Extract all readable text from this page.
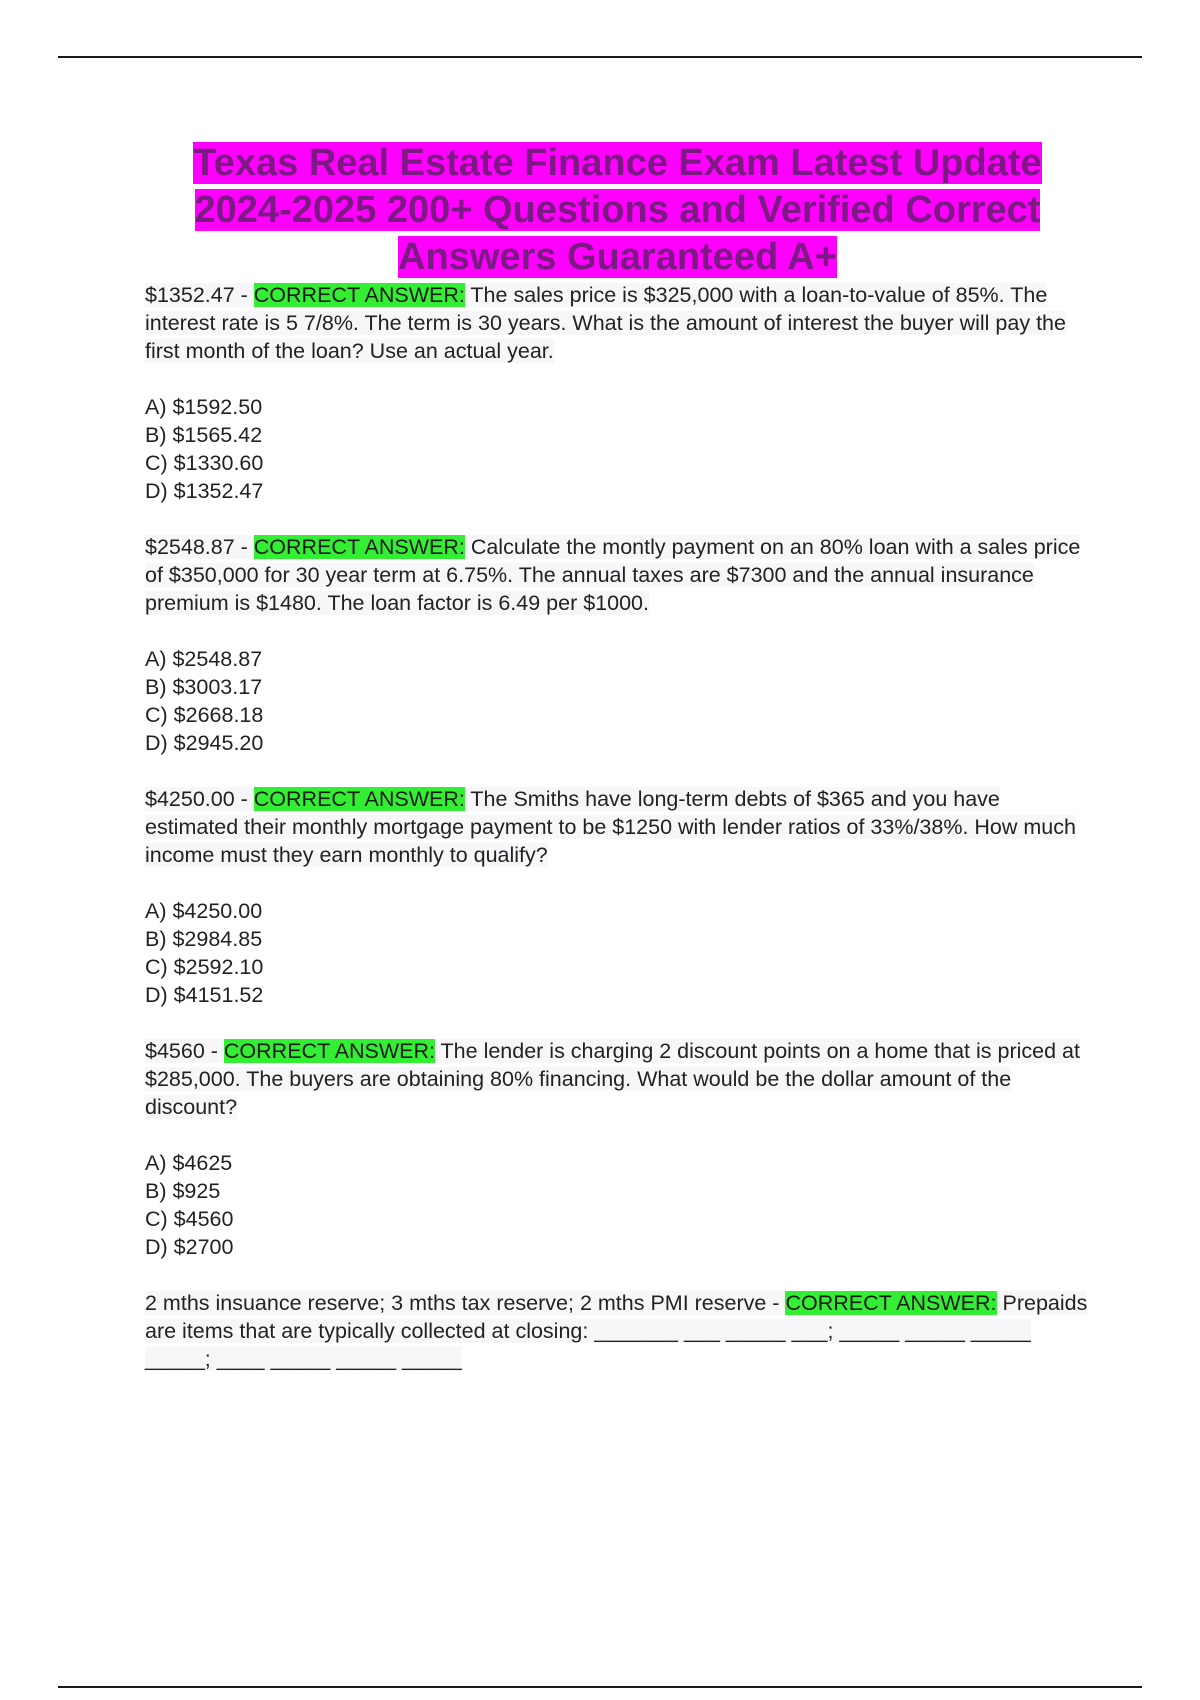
Texas Real Estate Finance Exam Latest Update 2024-2025 200+ Questions and Verified Correct Answers Guaranteed A+

$1352.47 - CORRECT ANSWER: The sales price is $325,000 with a loan-to-value of 85%. The interest rate is 5 7/8%. The term is 30 years. What is the amount of interest the buyer will pay the first month of the loan? Use an actual year.

A) $1592.50
B) $1565.42
C) $1330.60
D) $1352.47

$2548.87 - CORRECT ANSWER: Calculate the montly payment on an 80% loan with a sales price of $350,000 for 30 year term at 6.75%. The annual taxes are $7300 and the annual insurance premium is $1480. The loan factor is 6.49 per $1000.

A) $2548.87
B) $3003.17
C) $2668.18
D) $2945.20

$4250.00 - CORRECT ANSWER: The Smiths have long-term debts of $365 and you have estimated their monthly mortgage payment to be $1250 with lender ratios of 33%/38%. How much income must they earn monthly to qualify?

A) $4250.00
B) $2984.85
C) $2592.10
D) $4151.52

$4560 - CORRECT ANSWER: The lender is charging 2 discount points on a home that is priced at $285,000. The buyers are obtaining 80% financing. What would be the dollar amount of the discount?

A) $4625
B) $925
C) $4560
D) $2700

2 mths insuance reserve; 3 mths tax reserve; 2 mths PMI reserve - CORRECT ANSWER: Prepaids are items that are typically collected at closing: _______ ___ _____ ___; _____ _____ _____ _____; ____ _____ _____ _____
